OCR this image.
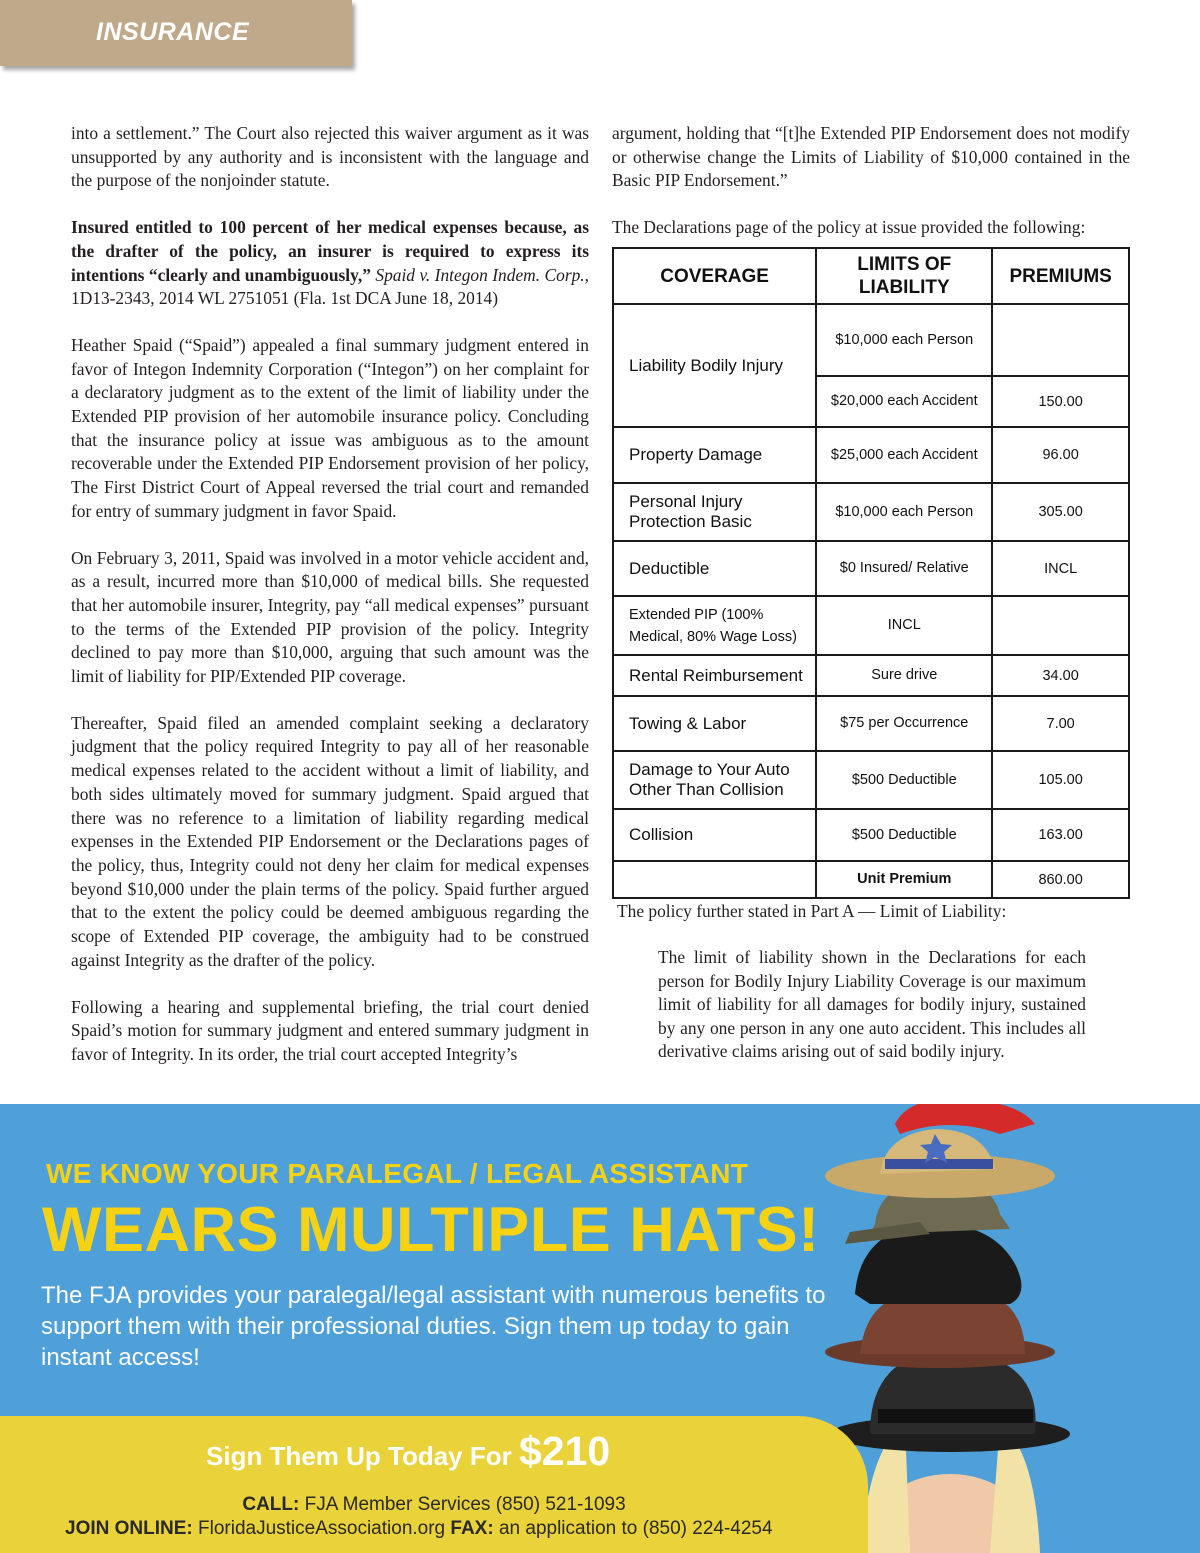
INSURANCE

into a settlement.” The Court also rejected this waiver argument as it was unsupported by any authority and is inconsistent with the language and the purpose of the nonjoinder statute.

Insured entitled to 100 percent of her medical expenses because, as the drafter of the policy, an insurer is required to express its intentions “clearly and unambiguously,” Spaid v. Integon Indem. Corp., 1D13-2343, 2014 WL 2751051 (Fla. 1st DCA June 18, 2014)

Heather Spaid (“Spaid”) appealed a final summary judgment entered in favor of Integon Indemnity Corporation (“Integon”) on her complaint for a declaratory judgment as to the extent of the limit of liability under the Extended PIP provision of her automobile insurance policy. Concluding that the insurance policy at issue was ambiguous as to the amount recoverable under the Extended PIP Endorsement provision of her policy, The First District Court of Appeal reversed the trial court and remanded for entry of summary judgment in favor Spaid.

On February 3, 2011, Spaid was involved in a motor vehicle accident and, as a result, incurred more than $10,000 of medical bills. She requested that her automobile insurer, Integrity, pay “all medical expenses” pursuant to the terms of the Extended PIP provision of the policy. Integrity declined to pay more than $10,000, arguing that such amount was the limit of liability for PIP/Extended PIP coverage.

Thereafter, Spaid filed an amended complaint seeking a declaratory judgment that the policy required Integrity to pay all of her reasonable medical expenses related to the accident without a limit of liability, and both sides ultimately moved for summary judgment. Spaid argued that there was no reference to a limitation of liability regarding medical expenses in the Extended PIP Endorsement or the Declarations pages of the policy, thus, Integrity could not deny her claim for medical expenses beyond $10,000 under the plain terms of the policy. Spaid further argued that to the extent the policy could be deemed ambiguous regarding the scope of Extended PIP coverage, the ambiguity had to be construed against Integrity as the drafter of the policy.

Following a hearing and supplemental briefing, the trial court denied Spaid’s motion for summary judgment and entered summary judgment in favor of Integrity. In its order, the trial court accepted Integrity’s

argument, holding that “[t]he Extended PIP Endorsement does not modify or otherwise change the Limits of Liability of $10,000 contained in the Basic PIP Endorsement.”

The Declarations page of the policy at issue provided the following:

COVERAGE	LIMITS OF LIABILITY	PREMIUMS
Liability Bodily Injury	$10,000 each Person	
	$20,000 each Accident	150.00
Property Damage	$25,000 each Accident	96.00
Personal Injury Protection Basic	$10,000 each Person	305.00
Deductible	$0 Insured/ Relative	INCL
Extended PIP (100% Medical, 80% Wage Loss)	INCL	
Rental Reimbursement	Sure drive	34.00
Towing & Labor	$75 per Occurrence	7.00
Damage to Your Auto Other Than Collision	$500 Deductible	105.00
Collision	$500 Deductible	163.00
	Unit Premium	860.00
The policy further stated in Part A — Limit of Liability:
The limit of liability shown in the Declarations for each person for Bodily Injury Liability Coverage is our maximum limit of liability for all damages for bodily injury, sustained by any one person in any one auto accident. This includes all derivative claims arising out of said bodily injury.
WE KNOW YOUR PARALEGAL / LEGAL ASSISTANT
WEARS MULTIPLE HATS!
The FJA provides your paralegal/legal assistant with numerous benefits to support them with their professional duties. Sign them up today to gain instant access!
Sign Them Up Today For $210
CALL: FJA Member Services (850) 521-1093
JOIN ONLINE: FloridaJusticeAssociation.org FAX: an application to (850) 224-4254
